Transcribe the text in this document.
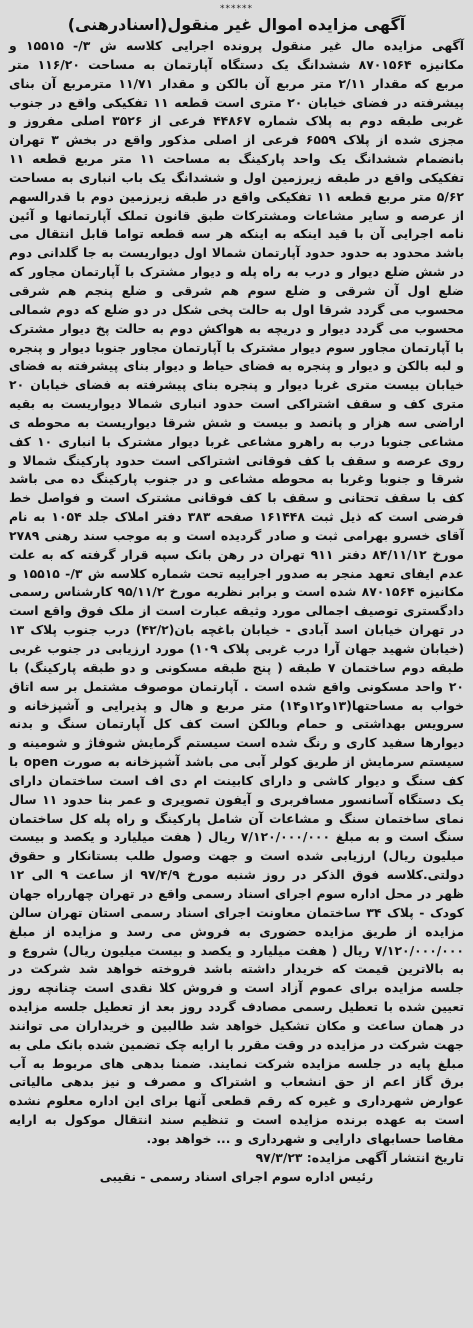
******
آگهی مزایده اموال غیر منقول(اسنادرهنی)
آگهی مزایده مال غیر منقول پرونده اجرایی کلاسه ش ۳/- ۱۵۵۱۵ و مکانیزه ۸۷۰۱۵۶۴ ششدانگ یک دستگاه آپارتمان به مساحت ۱۱۶/۲۰ متر مربع که مقدار ۲/۱۱ متر مربع آن بالکن و مقدار ۱۱/۷۱ مترمربع آن بنای پیشرفته در فضای خیابان ۲۰ متری است قطعه ۱۱ تفکیکی واقع در جنوب غربی طبقه دوم به پلاک شماره ۴۴۸۶۷ فرعی از ۳۵۲۶ اصلی مفروز و مجزی شده از پلاک ۶۵۵۹ فرعی از اصلی مذکور واقع در بخش ۳ تهران بانضمام ششدانگ یک واحد پارکینگ به مساحت ۱۱ متر مربع قطعه ۱۱ تفکیکی واقع در طبقه زیرزمین اول و ششدانگ یک باب انباری به مساحت ۵/۶۲ متر مربع قطعه ۱۱ تفکیکی واقع در طبقه زیرزمین دوم با قدرالسهم از عرصه و سایر مشاعات ومشترکات طبق قانون تملک آپارتمانها و آئین نامه اجرایی آن با قید اینکه به اینکه هر سه قطعه تواما قابل انتقال می باشد محدود به حدود حدود آپارتمان شمالا اول دیواریست به جا گلدانی دوم در شش ضلع دیوار و درب به راه پله و دیوار مشترک با آپارتمان مجاور که ضلع اول آن شرقی و ضلع سوم هم شرقی و ضلع پنجم هم شرقی محسوب می گردد شرقا اول به حالت پخی شکل در دو ضلع که دوم شمالی محسوب می گردد دیوار و دریچه به هواکش دوم به حالت پخ دیوار مشترک با آپارتمان مجاور سوم دیوار مشترک با آپارتمان مجاور جنوبا دیوار و پنجره و لبه بالکن و دیوار و پنجره به فضای حیاط و دیوار بنای پیشرفته به فضای خیابان بیست متری غربا دیوار و پنجره بنای پیشرفته به فضای خیابان ۲۰ متری کف و سقف اشتراکی است حدود انباری شمالا دیواریست به بقیه اراضی سه هزار و پانصد و بیست و شش شرقا دیواریست به محوطه ی مشاعی جنوبا درب به راهرو مشاعی غربا دیوار مشترک با انباری ۱۰ کف روی عرصه و سقف با کف فوقانی اشتراکی است حدود پارکینگ شمالا و شرقا و جنوبا وغربا به محوطه مشاعی و در جنوب پارکینگ ده می باشد کف با سقف تحتانی و سقف با کف فوقانی مشترک است و فواصل خط فرضی است که ذیل ثبت ۱۶۱۴۴۸ صفحه ۳۸۳ دفتر املاک جلد ۱۰۵۴ به نام آقای خسرو بهرامی ثبت و صادر گردیده است و به موجب سند رهنی ۲۷۸۹ مورخ ۸۴/۱۱/۱۲ دفتر ۹۱۱ تهران در رهن بانک سپه قرار گرفته که به علت عدم ایفای تعهد منجر به صدور اجراییه تحت شماره کلاسه ش ۳/- ۱۵۵۱۵ و مکانیزه ۸۷۰۱۵۶۴ شده است و برابر نظریه مورخ ۹۵/۱۱/۲ کارشناس رسمی دادگستری توصیف اجمالی مورد وثیقه عبارت است از ملک فوق واقع است در تهران خیابان اسد آبادی - خیابان باغچه بان(۴۲/۲) درب جنوب پلاک ۱۳ (خیابان شهید جهان آرا درب غربی پلاک ۱۰۹) مورد ارزیابی در جنوب غربی طبقه دوم ساختمان ۷ طبقه ( پنج طبقه مسکونی و دو طبقه پارکینگ) با ۲۰ واحد مسکونی واقع شده است . آپارتمان موصوف مشتمل بر سه اتاق خواب به مساحتها(۱۳و۱۲و۱۴) متر مربع و هال و پذیرایی و آشپزخانه و سرویس بهداشتی و حمام وبالکن است کف کل آپارتمان سنگ و بدنه دیوارها سفید کاری و رنگ شده است سیستم گرمایش شوفاژ و شومینه و سیستم سرمایش از طریق کولر آبی می باشد آشپزخانه به صورت open با کف سنگ و دیوار کاشی و دارای کابینت ام دی اف است ساختمان دارای یک دستگاه آسانسور مسافربری و آیفون تصویری و عمر بنا حدود ۱۱ سال نمای ساختمان سنگ و مشاعات آن شامل پارکینگ و راه پله کل ساختمان سنگ است و به مبلغ ۷/۱۲۰/۰۰۰/۰۰۰ ریال ( هفت میلیارد و یکصد و بیست میلیون ریال) ارزیابی شده است و جهت وصول طلب بستانکار و حقوق دولتی.کلاسه فوق الذکر در روز شنبه مورخ ۹۷/۴/۹ از ساعت ۹ الی ۱۲ ظهر در محل اداره سوم اجرای اسناد رسمی واقع در تهران چهارراه جهان کودک - پلاک ۳۴ ساختمان معاونت اجرای اسناد رسمی استان تهران سالن مزایده از طریق مزایده حضوری به فروش می رسد و مزایده از مبلغ ۷/۱۲۰/۰۰۰/۰۰۰ ریال ( هفت میلیارد و یکصد و بیست میلیون ریال) شروع و به بالاترین قیمت که خریدار داشته باشد فروخته خواهد شد شرکت در جلسه مزایده برای عموم آزاد است و فروش کلا نقدی است چنانچه روز تعیین شده با تعطیل رسمی مصادف گردد روز بعد از تعطیل جلسه مزایده در همان ساعت و مکان تشکیل خواهد شد طالبین و خریداران می توانند جهت شرکت در مزایده در وقت مقرر با ارایه چک تضمین شده بانک ملی به مبلغ پایه در جلسه مزایده شرکت نمایند. ضمنا بدهی های مربوط به آب برق گاز اعم از حق انشعاب و اشتراک و مصرف و نیز بدهی مالیاتی عوارض شهرداری و غیره که رقم قطعی آنها برای این اداره معلوم نشده است به عهده برنده مزایده است و تنظیم سند انتقال موکول به ارایه مفاصا حسابهای دارایی و شهرداری و ... خواهد بود.
تاریخ انتشار آگهی مزایده: ۹۷/۳/۲۳
رئیس اداره سوم اجرای اسناد رسمی - نقیبی
